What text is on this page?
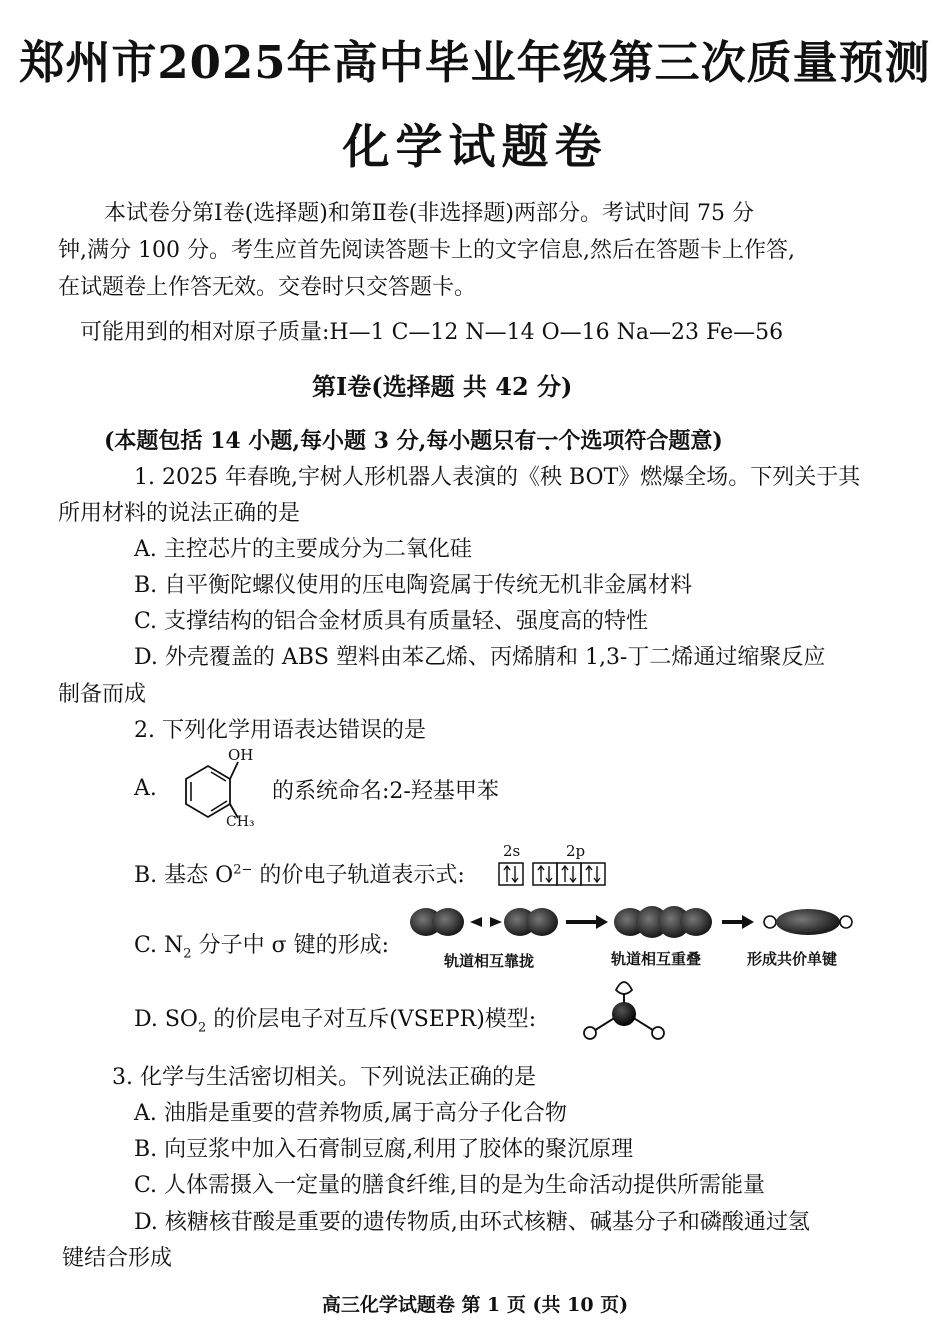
郑州市2025年高中毕业年级第三次质量预测
化学试题卷
本试卷分第Ⅰ卷(选择题)和第Ⅱ卷(非选择题)两部分。考试时间 75 分
钟,满分 100 分。考生应首先阅读答题卡上的文字信息,然后在答题卡上作答,
在试题卷上作答无效。交卷时只交答题卡。
可能用到的相对原子质量:H—1 C—12 N—14 O—16 Na—23 Fe—56
第Ⅰ卷(选择题 共 42 分)
(本题包括 14 小题,每小题 3 分,每小题只有一个选项符合题意)
1. 2025 年春晚,宇树人形机器人表演的《秧 BOT》燃爆全场。下列关于其
所用材料的说法正确的是
A. 主控芯片的主要成分为二氧化硅
B. 自平衡陀螺仪使用的压电陶瓷属于传统无机非金属材料
C. 支撑结构的铝合金材质具有质量轻、强度高的特性
D. 外壳覆盖的 ABS 塑料由苯乙烯、丙烯腈和 1,3-丁二烯通过缩聚反应
制备而成
2. 下列化学用语表达错误的是
A.
OH
CH₃
的系统命名:2-羟基甲苯
B. 基态 $O^{2-}$ 的价电子轨道表示式:
2s	2p
C. $N_2$ 分子中 σ 键的形成:
轨道相互靠拢	轨道相互重叠	形成共价单键
D. $SO_2$ 的价层电子对互斥(VSEPR)模型:
3. 化学与生活密切相关。下列说法正确的是
A. 油脂是重要的营养物质,属于高分子化合物
B. 向豆浆中加入石膏制豆腐,利用了胶体的聚沉原理
C. 人体需摄入一定量的膳食纤维,目的是为生命活动提供所需能量
D. 核糖核苷酸是重要的遗传物质,由环式核糖、碱基分子和磷酸通过氢
键结合形成
高三化学试题卷 第 1 页 (共 10 页)
